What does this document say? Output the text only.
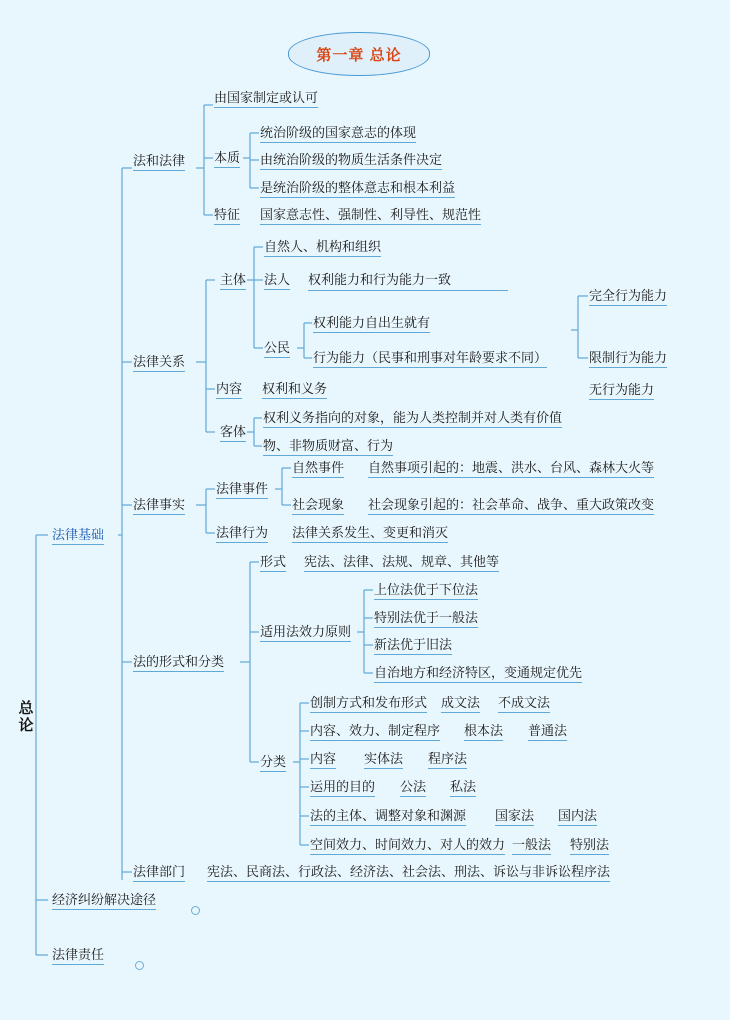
第一章 总论
总论
法律基础
经济纠纷解决途径
法律责任
法和法律
法律关系
法律事实
法的形式和分类
法律部门 宪法、民商法、行政法、经济法、社会法、刑法、诉讼与非诉讼程序法
由国家制定或认可
本质
统治阶级的国家意志的体现
由统治阶级的物质生活条件决定
是统治阶级的整体意志和根本利益
特征 国家意志性、强制性、利导性、规范性
主体
自然人、机构和组织
法人 权利能力和行为能力一致
公民
权利能力自出生就有
行为能力（民事和刑事对年龄要求不同）
完全行为能力
限制行为能力
无行为能力
内容 权利和义务
客体
权利义务指向的对象，能为人类控制并对人类有价值
物、非物质财富、行为
法律事件
自然事件 自然事项引起的：地震、洪水、台风、森林大火等
社会现象 社会现象引起的：社会革命、战争、重大政策改变
法律行为 法律关系发生、变更和消灭
形式 宪法、法律、法规、规章、其他等
适用法效力原则
上位法优于下位法
特别法优于一般法
新法优于旧法
自治地方和经济特区，变通规定优先
分类
创制方式和发布形式 成文法 不成文法
内容、效力、制定程序 根本法 普通法
内容 实体法 程序法
运用的目的 公法 私法
法的主体、调整对象和渊源 国家法 国内法
空间效力、时间效力、对人的效力 一般法 特别法
